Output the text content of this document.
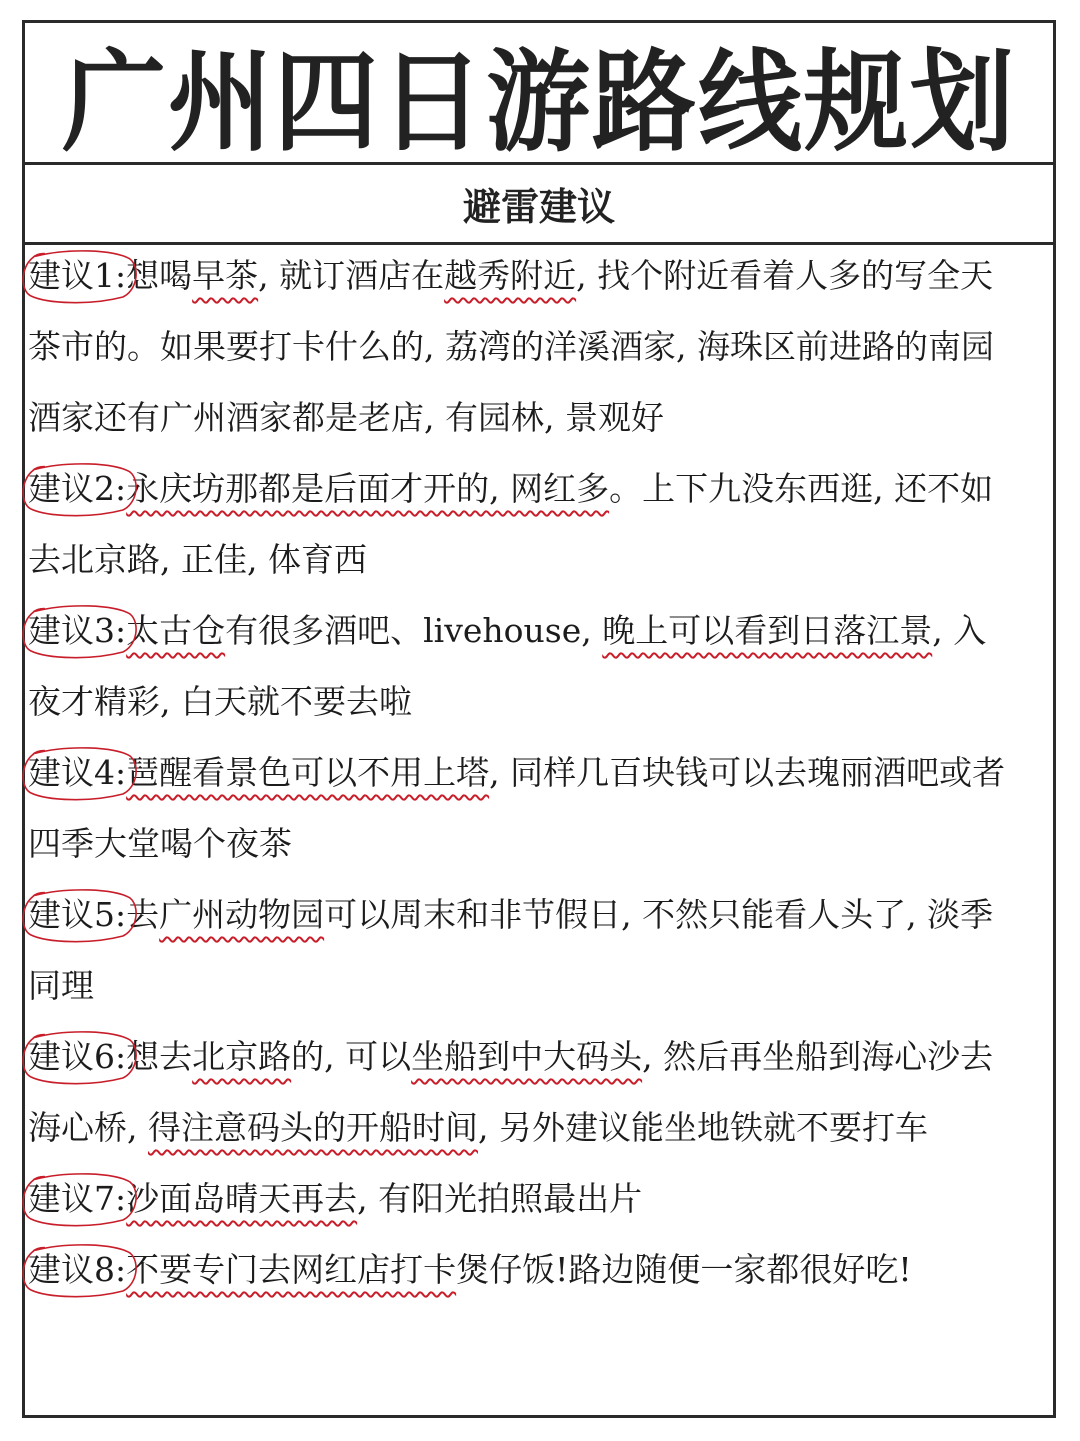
广州四日游路线规划
避雷建议
建议1:
想喝早茶, 就订酒店在越秀附近, 找个附近看着人多的写全天茶市的。如果要打卡什么的, 荔湾的洋溪酒家, 海珠区前进路的南园酒家还有广州酒家都是老店, 有园林, 景观好
建议2:
永庆坊那都是后面才开的, 网红多。上下九没东西逛, 还不如去北京路, 正佳, 体育西
建议3:
太古仓有很多酒吧、livehouse, 晚上可以看到日落江景, 入夜才精彩, 白天就不要去啦
建议4:
琶醒看景色可以不用上塔, 同样几百块钱可以去瑰丽酒吧或者四季大堂喝个夜茶
建议5:
去广州动物园可以周末和非节假日, 不然只能看人头了, 淡季同理
建议6:
想去北京路的, 可以坐船到中大码头, 然后再坐船到海心沙去海心桥, 得注意码头的开船时间, 另外建议能坐地铁就不要打车
建议7:
沙面岛晴天再去, 有阳光拍照最出片
建议8:
不要专门去网红店打卡煲仔饭!路边随便一家都很好吃!
